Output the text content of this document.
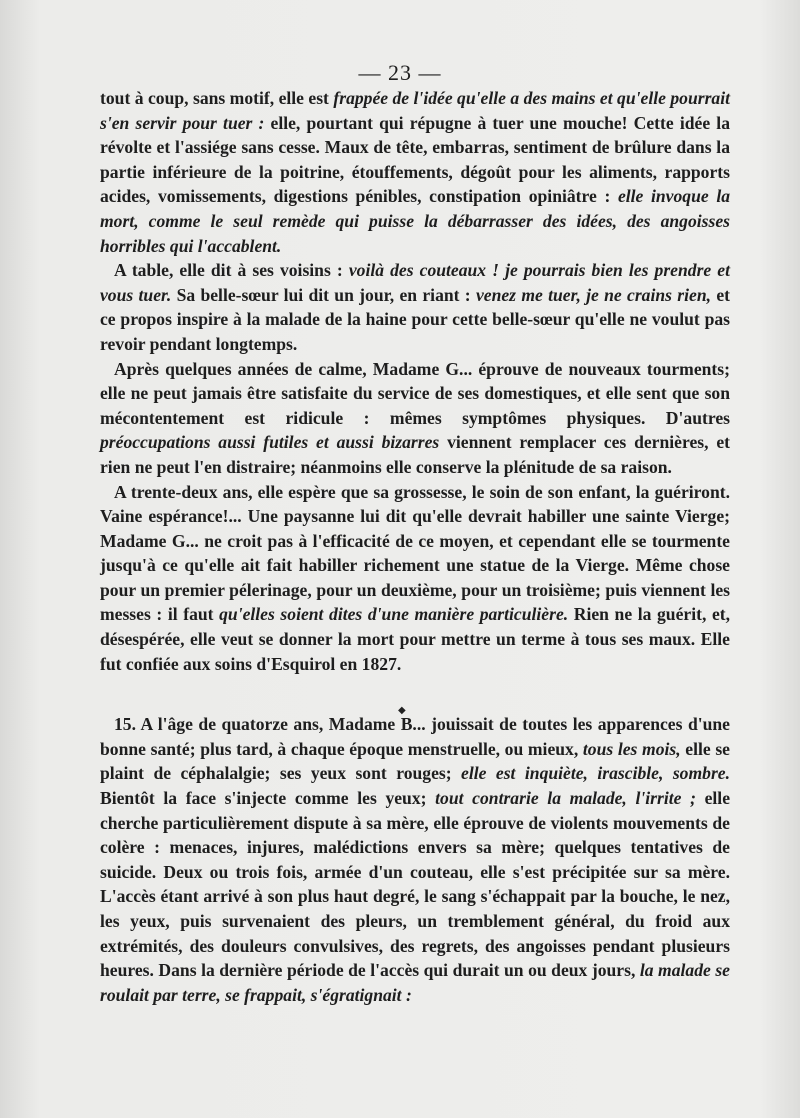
— 23 —

tout à coup, sans motif, elle est frappée de l'idée qu'elle a des mains et qu'elle pourrait s'en servir pour tuer : elle, pourtant qui répugne à tuer une mouche! Cette idée la révolte et l'assiége sans cesse. Maux de tête, embarras, sentiment de brûlure dans la partie inférieure de la poitrine, étouffements, dégoût pour les aliments, rapports acides, vomissements, digestions pénibles, constipation opiniâtre : elle invoque la mort, comme le seul remède qui puisse la débarrasser des idées, des angoisses horribles qui l'accablent.

A table, elle dit à ses voisins : voilà des couteaux ! je pourrais bien les prendre et vous tuer. Sa belle-sœur lui dit un jour, en riant : venez me tuer, je ne crains rien, et ce propos inspire à la malade de la haine pour cette belle-sœur qu'elle ne voulut pas revoir pendant longtemps.

Après quelques années de calme, Madame G... éprouve de nouveaux tourments; elle ne peut jamais être satisfaite du service de ses domestiques, et elle sent que son mécontentement est ridicule : mêmes symptômes physiques. D'autres préoccupations aussi futiles et aussi bizarres viennent remplacer ces dernières, et rien ne peut l'en distraire; néanmoins elle conserve la plénitude de sa raison.

A trente-deux ans, elle espère que sa grossesse, le soin de son enfant, la guériront. Vaine espérance!... Une paysanne lui dit qu'elle devrait habiller une sainte Vierge; Madame G... ne croit pas à l'efficacité de ce moyen, et cependant elle se tourmente jusqu'à ce qu'elle ait fait habiller richement une statue de la Vierge. Même chose pour un premier pélerinage, pour un deuxième, pour un troisième; puis viennent les messes : il faut qu'elles soient dites d'une manière particulière. Rien ne la guérit, et, désespérée, elle veut se donner la mort pour mettre un terme à tous ses maux. Elle fut confiée aux soins d'Esquirol en 1827.

15. A l'âge de quatorze ans, Madame B... jouissait de toutes les apparences d'une bonne santé; plus tard, à chaque époque menstruelle, ou mieux, tous les mois, elle se plaint de céphalalgie; ses yeux sont rouges; elle est inquiète, irascible, sombre. Bientôt la face s'injecte comme les yeux; tout contrarie la malade, l'irrite ; elle cherche particulièrement dispute à sa mère, elle éprouve de violents mouvements de colère : menaces, injures, malédictions envers sa mère; quelques tentatives de suicide. Deux ou trois fois, armée d'un couteau, elle s'est précipitée sur sa mère. L'accès étant arrivé à son plus haut degré, le sang s'échappait par la bouche, le nez, les yeux, puis survenaient des pleurs, un tremblement général, du froid aux extrémités, des douleurs convulsives, des regrets, des angoisses pendant plusieurs heures. Dans la dernière période de l'accès qui durait un ou deux jours, la malade se roulait par terre, se frappait, s'égratignait :

◆
